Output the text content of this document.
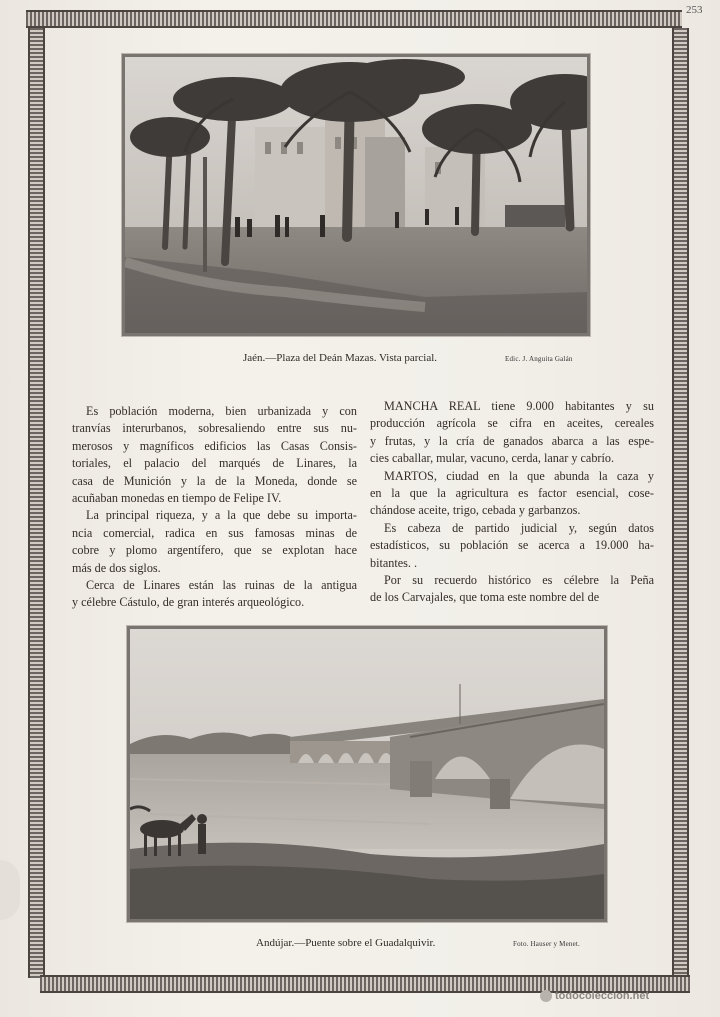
253
Jaén.—Plaza del Deán Mazas. Vista parcial.	Edic. J. Anguita Galán
Es población moderna, bien urbanizada y con
tranvías interurbanos, sobresaliendo entre sus nu-
merosos y magníficos edificios las Casas Consis-
toriales, el palacio del marqués de Linares, la
casa de Munición y la de la Moneda, donde se
acuñaban monedas en tiempo de Felipe IV.
La principal riqueza, y a la que debe su importa-
ncia comercial, radica en sus famosas minas de
cobre y plomo argentífero, que se explotan hace
más de dos siglos.
Cerca de Linares están las ruinas de la antigua
y célebre Cástulo, de gran interés arqueológico.
MANCHA REAL tiene 9.000 habitantes y su
producción agrícola se cifra en aceites, cereales
y frutas, y la cría de ganados abarca a las espe-
cies caballar, mular, vacuno, cerda, lanar y cabrío.
MARTOS, ciudad en la que abunda la caza y
en la que la agricultura es factor esencial, cose-
chándose aceite, trigo, cebada y garbanzos.
Es cabeza de partido judicial y, según datos
estadísticos, su población se acerca a 19.000 ha-
bitantes. .
Por su recuerdo histórico es célebre la Peña
de los Carvajales, que toma este nombre del de
Andújar.—Puente sobre el Guadalquivir.	Foto. Hauser y Menet.
todocoleccion.net
